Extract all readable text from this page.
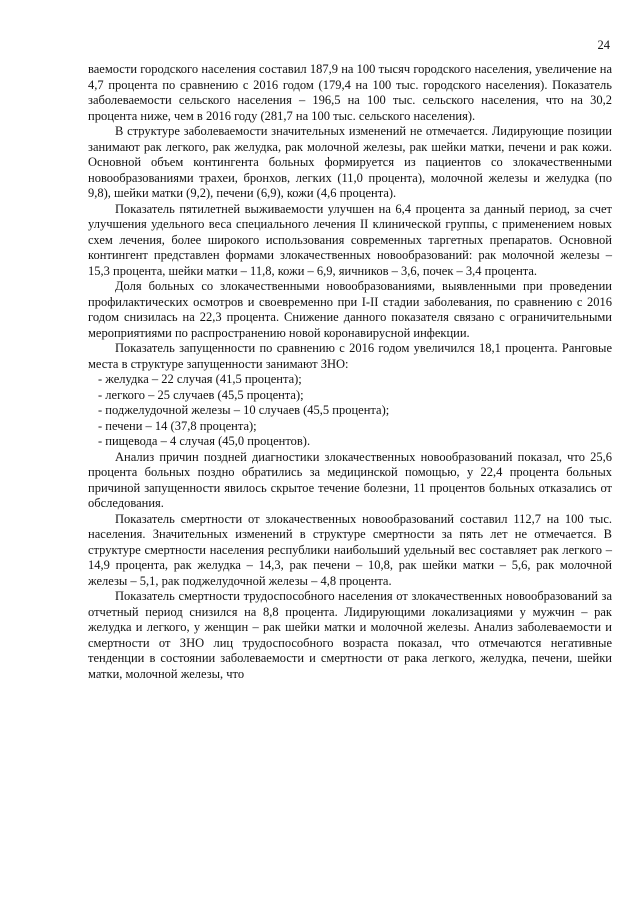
24

ваемости городского населения составил 187,9 на 100 тысяч городского населения, увеличение на 4,7 процента по сравнению с 2016 годом (179,4 на 100 тыс. городского населения). Показатель заболеваемости сельского населения – 196,5 на 100 тыс. сельского населения, что на 30,2 процента ниже, чем в 2016 году (281,7 на 100 тыс. сельского населения).

В структуре заболеваемости значительных изменений не отмечается. Лидирующие позиции занимают рак легкого, рак желудка, рак молочной железы, рак шейки матки, печени и рак кожи. Основной объем контингента больных формируется из пациентов со злокачественными новообразованиями трахеи, бронхов, легких (11,0 процента), молочной железы и желудка (по 9,8), шейки матки (9,2), печени (6,9), кожи (4,6 процента).

Показатель пятилетней выживаемости улучшен на 6,4 процента за данный период, за счет улучшения удельного веса специального лечения II клинической группы, с применением новых схем лечения, более широкого использования современных таргетных препаратов. Основной контингент представлен формами злокачественных новообразований: рак молочной железы – 15,3 процента, шейки матки – 11,8, кожи – 6,9, яичников – 3,6, почек – 3,4 процента.

Доля больных со злокачественными новообразованиями, выявленными при проведении профилактических осмотров и своевременно при I-II стадии заболевания, по сравнению с 2016 годом снизилась на 22,3 процента. Снижение данного показателя связано с ограничительными мероприятиями по распространению новой коронавирусной инфекции.

Показатель запущенности по сравнению с 2016 годом увеличился 18,1 процента. Ранговые места в структуре запущенности занимают ЗНО:

- желудка – 22 случая (41,5 процента);

- легкого – 25 случаев (45,5 процента);

- поджелудочной железы – 10 случаев (45,5 процента);

- печени – 14 (37,8 процента);

- пищевода – 4 случая (45,0 процентов).

Анализ причин поздней диагностики злокачественных новообразований показал, что 25,6 процента больных поздно обратились за медицинской помощью, у 22,4 процента больных причиной запущенности явилось скрытое течение болезни, 11 процентов больных отказались от обследования.

Показатель смертности от злокачественных новообразований составил 112,7 на 100 тыс. населения. Значительных изменений в структуре смертности за пять лет не отмечается. В структуре смертности населения республики наибольший удельный вес составляет рак легкого – 14,9 процента, рак желудка – 14,3, рак печени – 10,8, рак шейки матки – 5,6, рак молочной железы – 5,1, рак поджелудочной железы – 4,8 процента.

Показатель смертности трудоспособного населения от злокачественных новообразований за отчетный период снизился на 8,8 процента. Лидирующими локализациями у мужчин – рак желудка и легкого, у женщин – рак шейки матки и молочной железы. Анализ заболеваемости и смертности от ЗНО лиц трудоспособного возраста показал, что отмечаются негативные тенденции в состоянии заболеваемости и смертности от рака легкого, желудка, печени, шейки матки, молочной железы, что
